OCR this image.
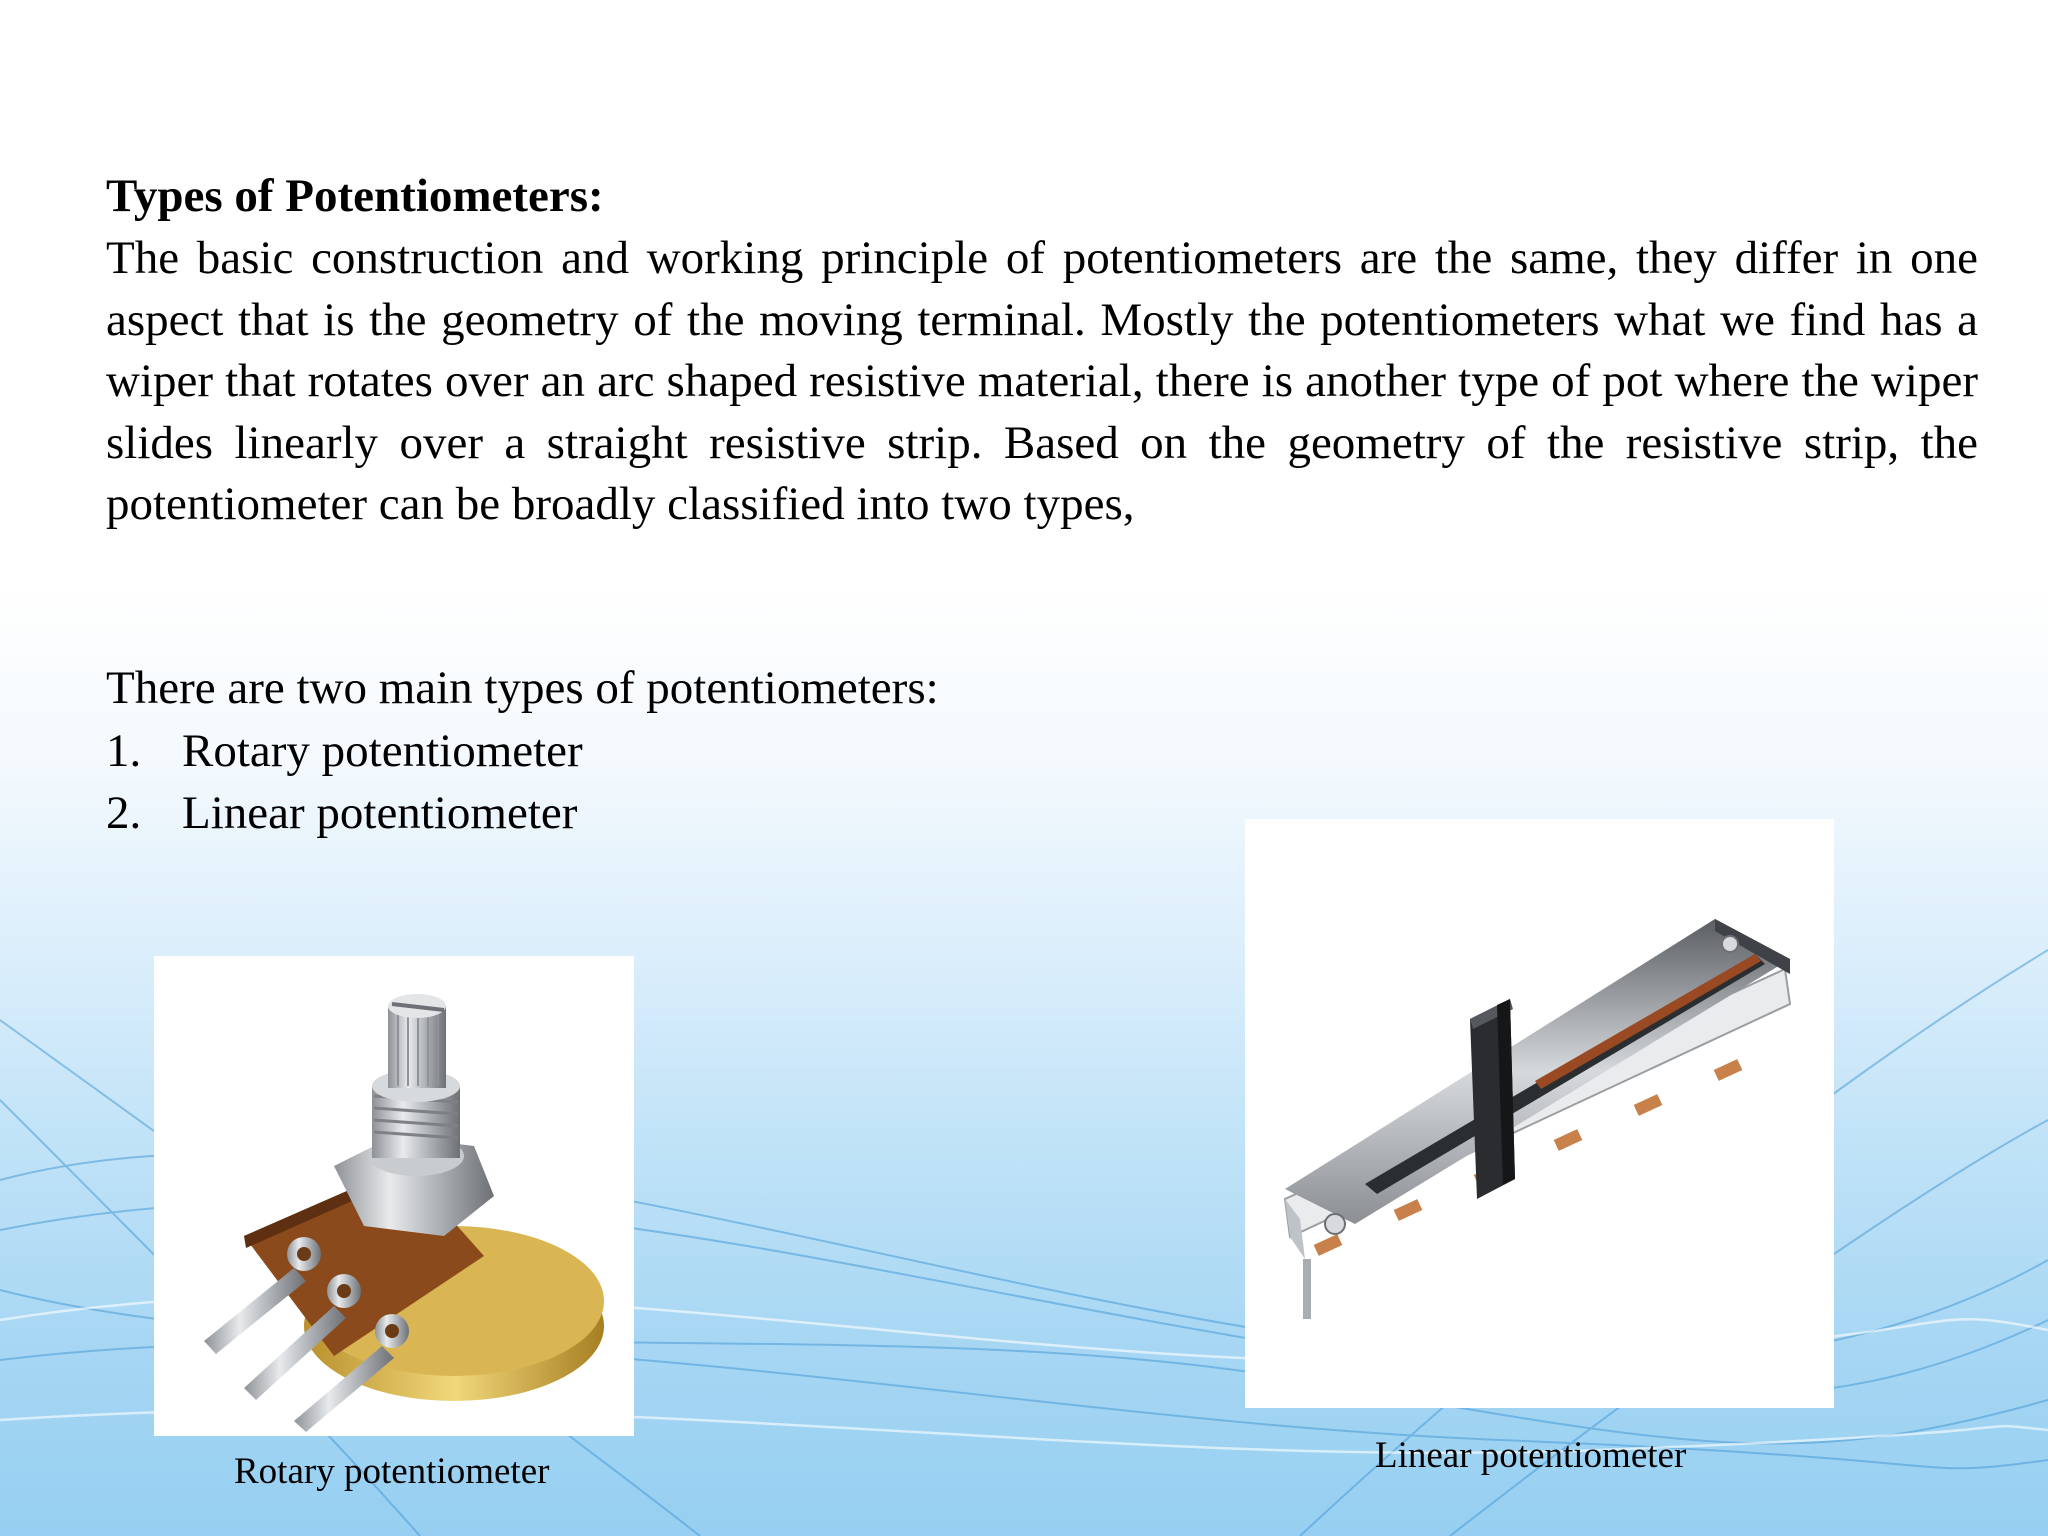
Types of Potentiometers:

The basic construction and working principle of potentiometers are the same, they differ in one aspect that is the geometry of the moving terminal. Mostly the potentiometers what we find has a wiper that rotates over an arc shaped resistive material, there is another type of pot where the wiper slides linearly over a straight resistive strip. Based on the geometry of the resistive strip, the potentiometer can be broadly classified into two types,

There are two main types of potentiometers:

1. Rotary potentiometer
2. Linear potentiometer

Rotary potentiometer	Linear potentiometer
